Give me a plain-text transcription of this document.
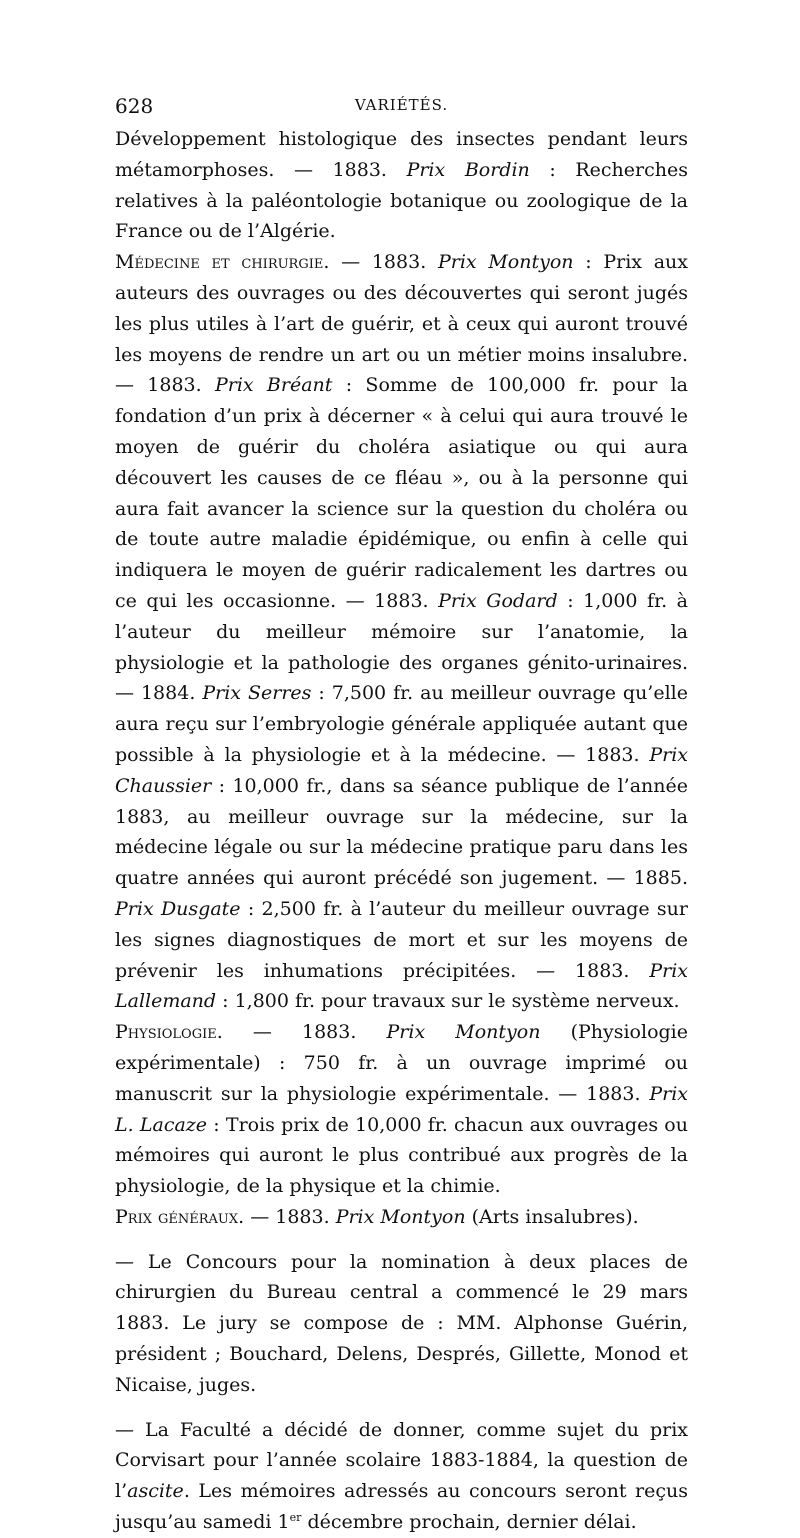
628	VARIÉTÉS.

Développement histologique des insectes pendant leurs métamorphoses. — 1883. Prix Bordin : Recherches relatives à la paléontologie botanique ou zoologique de la France ou de l’Algérie.

Médecine et chirurgie. — 1883. Prix Montyon : Prix aux auteurs des ouvrages ou des découvertes qui seront jugés les plus utiles à l’art de guérir, et à ceux qui auront trouvé les moyens de rendre un art ou un métier moins insalubre. — 1883. Prix Bréant : Somme de 100,000 fr. pour la fondation d’un prix à décerner « à celui qui aura trouvé le moyen de guérir du choléra asiatique ou qui aura découvert les causes de ce fléau », ou à la personne qui aura fait avancer la science sur la question du choléra ou de toute autre maladie épidémique, ou enfin à celle qui indiquera le moyen de guérir radicalement les dartres ou ce qui les occasionne. — 1883. Prix Godard : 1,000 fr. à l’auteur du meilleur mémoire sur l’anatomie, la physiologie et la pathologie des organes génito-urinaires. — 1884. Prix Serres : 7,500 fr. au meilleur ouvrage qu’elle aura reçu sur l’embryologie générale appliquée autant que possible à la physiologie et à la médecine. — 1883. Prix Chaussier : 10,000 fr., dans sa séance publique de l’année 1883, au meilleur ouvrage sur la médecine, sur la médecine légale ou sur la médecine pratique paru dans les quatre années qui auront précédé son jugement. — 1885. Prix Dusgate : 2,500 fr. à l’auteur du meilleur ouvrage sur les signes diagnostiques de mort et sur les moyens de prévenir les inhumations précipitées. — 1883. Prix Lallemand : 1,800 fr. pour travaux sur le système nerveux.

Physiologie. — 1883. Prix Montyon (Physiologie expérimentale) : 750 fr. à un ouvrage imprimé ou manuscrit sur la physiologie expérimentale. — 1883. Prix L. Lacaze : Trois prix de 10,000 fr. chacun aux ouvrages ou mémoires qui auront le plus contribué aux progrès de la physiologie, de la physique et la chimie.

Prix généraux. — 1883. Prix Montyon (Arts insalubres).

— Le Concours pour la nomination à deux places de chirurgien du Bureau central a commencé le 29 mars 1883. Le jury se compose de : MM. Alphonse Guérin, président ; Bouchard, Delens, Després, Gillette, Monod et Nicaise, juges.

— La Faculté a décidé de donner, comme sujet du prix Corvisart pour l’année scolaire 1883-1884, la question de l’ascite. Les mémoires adressés au concours seront reçus jusqu’au samedi 1er décembre prochain, dernier délai.
